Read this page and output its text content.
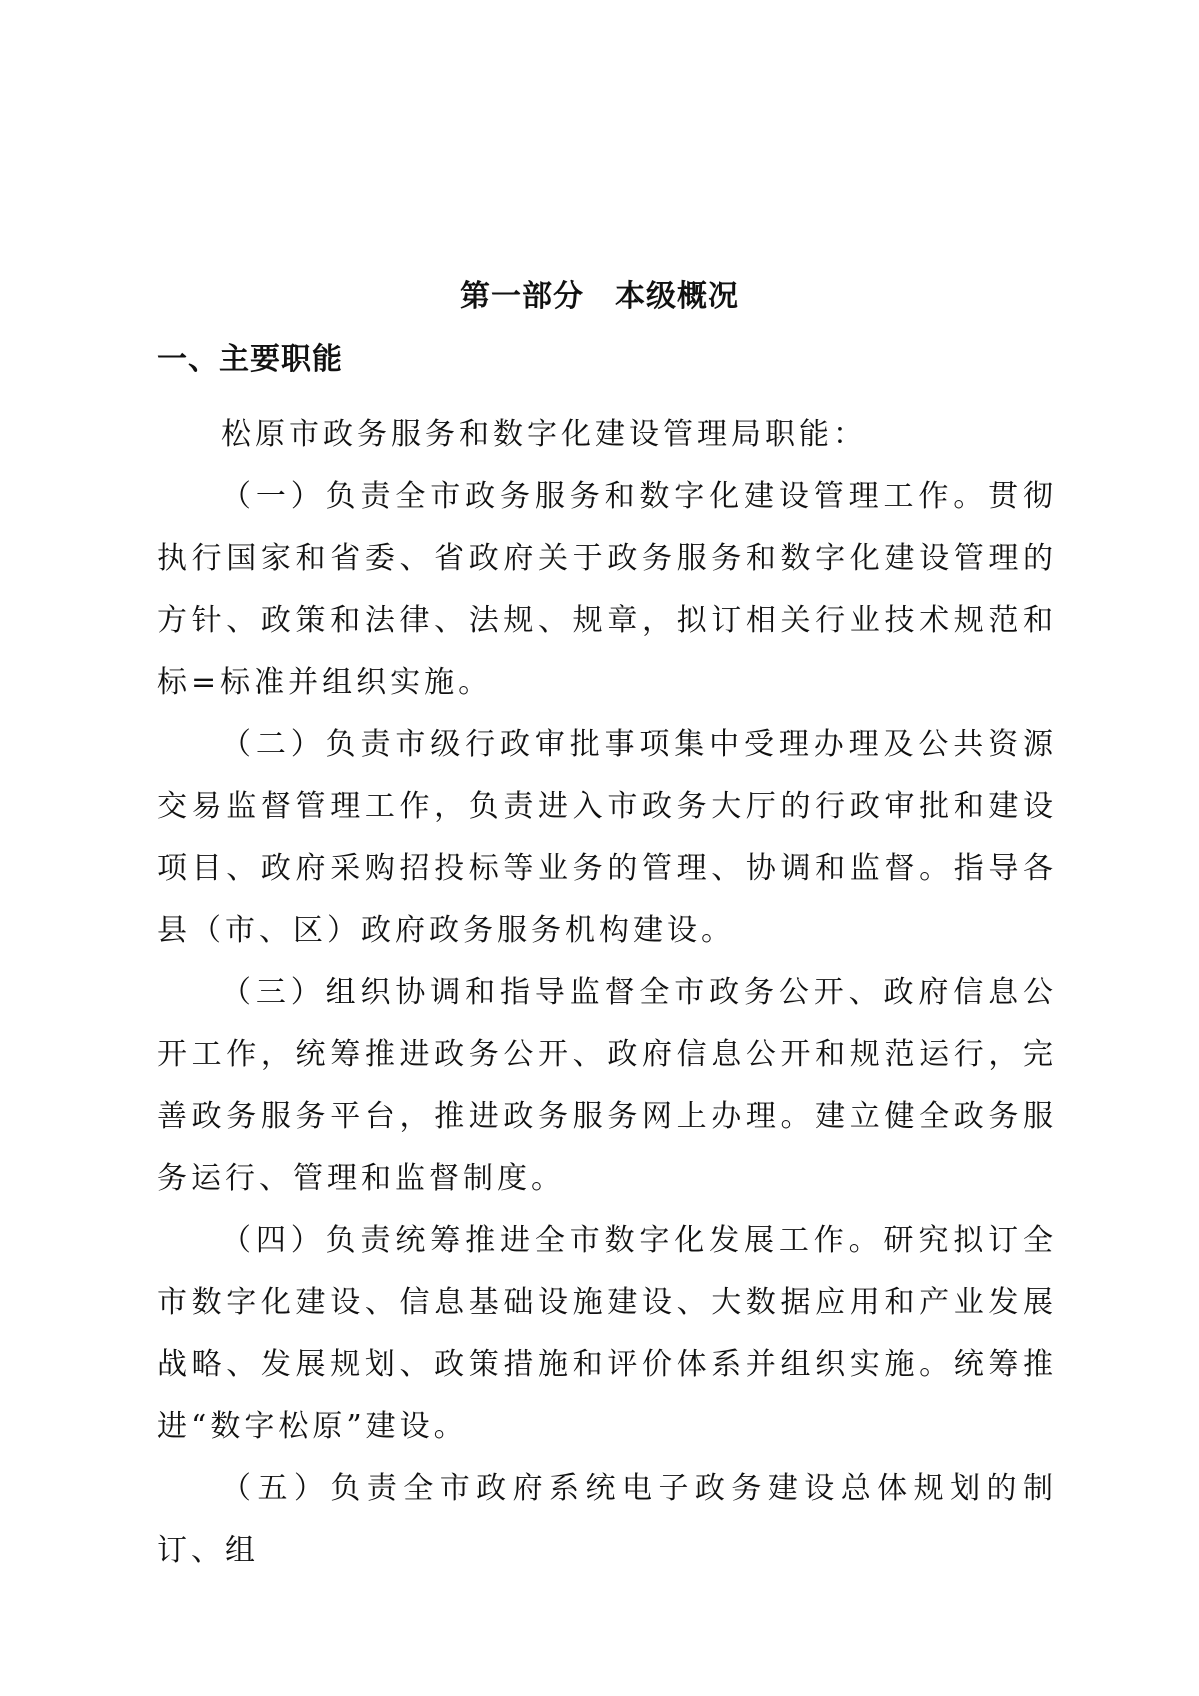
第一部分　本级概况
一、主要职能

松原市政务服务和数字化建设管理局职能：

（一）负责全市政务服务和数字化建设管理工作。贯彻执行国家和省委、省政府关于政务服务和数字化建设管理的方针、政策和法律、法规、规章，拟订相关行业技术规范和标=标准并组织实施。

（二）负责市级行政审批事项集中受理办理及公共资源交易监督管理工作，负责进入市政务大厅的行政审批和建设项目、政府采购招投标等业务的管理、协调和监督。指导各县（市、区）政府政务服务机构建设。

（三）组织协调和指导监督全市政务公开、政府信息公开工作，统筹推进政务公开、政府信息公开和规范运行，完善政务服务平台，推进政务服务网上办理。建立健全政务服务运行、管理和监督制度。

（四）负责统筹推进全市数字化发展工作。研究拟订全市数字化建设、信息基础设施建设、大数据应用和产业发展战略、发展规划、政策措施和评价体系并组织实施。统筹推进“数字松原”建设。

（五）负责全市政府系统电子政务建设总体规划的制订、组
